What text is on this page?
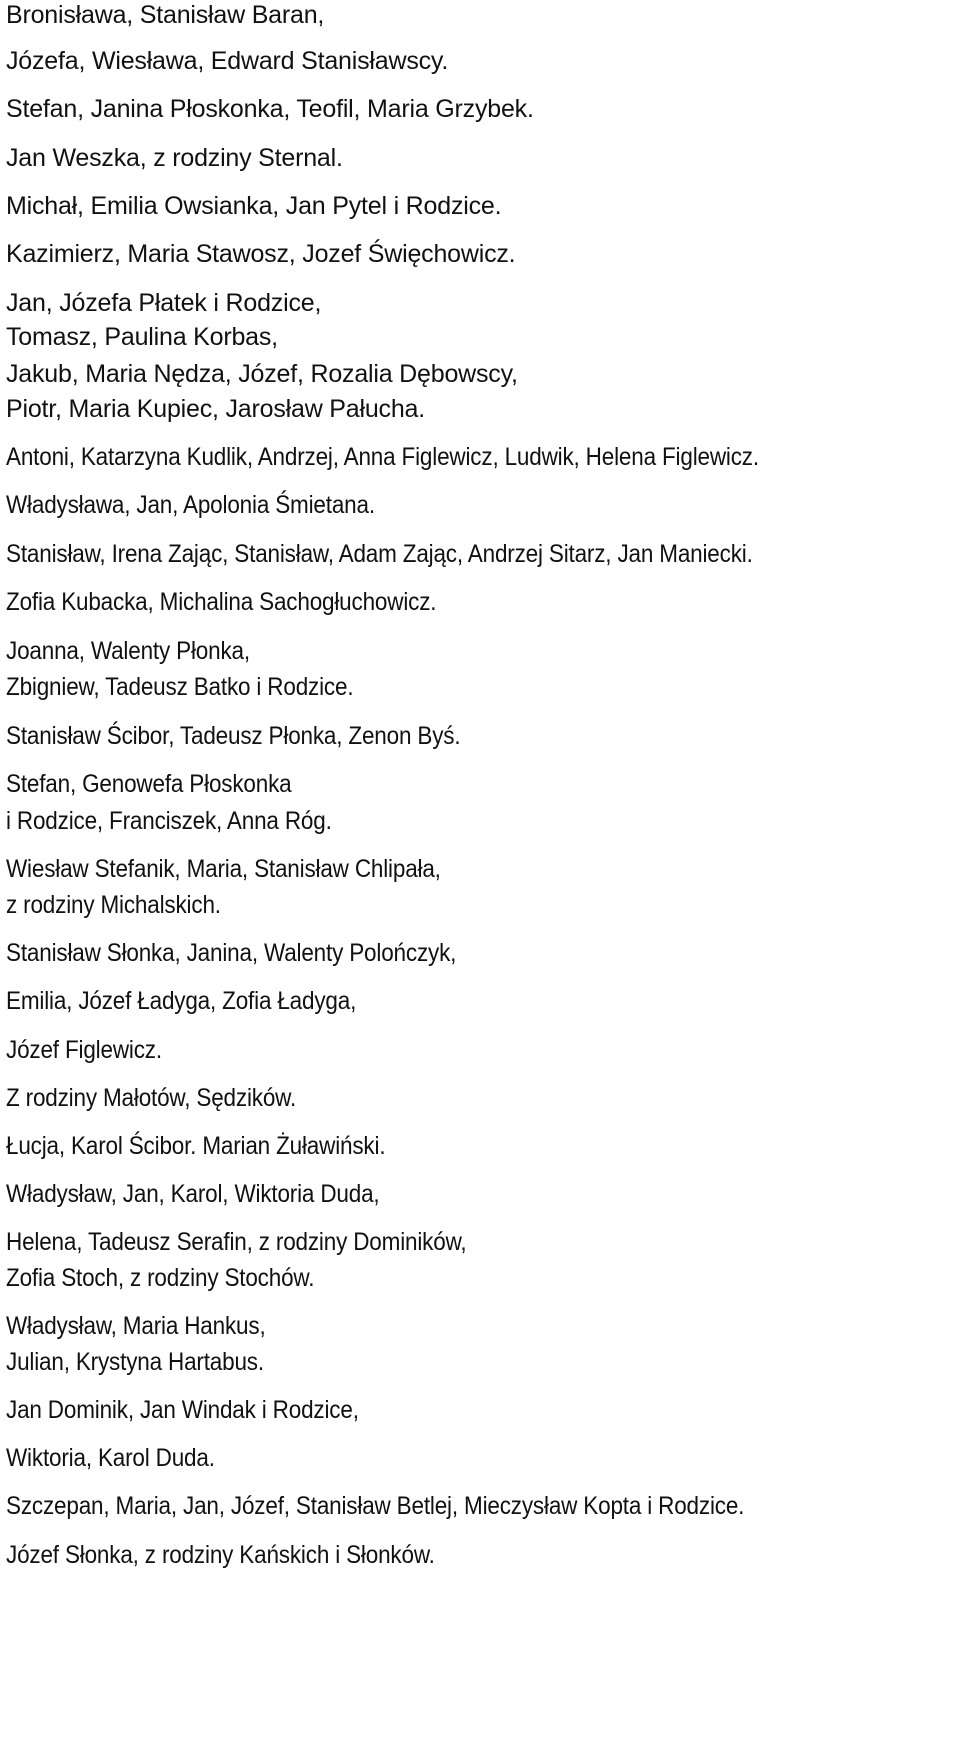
Bronisława, Stanisław Baran,
Józefa, Wiesława, Edward Stanisławscy.
Stefan, Janina Płoskonka, Teofil, Maria Grzybek.
Jan Weszka, z rodziny Sternal.
Michał, Emilia Owsianka, Jan Pytel i Rodzice.
Kazimierz, Maria Stawosz, Jozef Święchowicz.
Jan, Józefa Płatek i Rodzice,
Tomasz, Paulina Korbas,
Jakub, Maria Nędza, Józef, Rozalia Dębowscy,
Piotr, Maria Kupiec, Jarosław Pałucha.
Antoni, Katarzyna Kudlik, Andrzej, Anna Figlewicz, Ludwik, Helena Figlewicz.
Władysława, Jan, Apolonia Śmietana.
Stanisław, Irena Zając, Stanisław, Adam Zając, Andrzej Sitarz, Jan Maniecki.
Zofia Kubacka, Michalina Sachogłuchowicz.
Joanna, Walenty Płonka,
Zbigniew, Tadeusz Batko i Rodzice.
Stanisław Ścibor, Tadeusz Płonka, Zenon Byś.
Stefan, Genowefa Płoskonka
i Rodzice, Franciszek, Anna Róg.
Wiesław Stefanik, Maria, Stanisław Chlipała,
z rodziny Michalskich.
Stanisław Słonka, Janina, Walenty Polończyk,
Emilia, Józef Ładyga, Zofia Ładyga,
Józef Figlewicz.
Z rodziny Małotów, Sędzików.
Łucja, Karol Ścibor. Marian Żuławiński.
Władysław, Jan, Karol, Wiktoria Duda,
Helena, Tadeusz Serafin, z rodziny Dominików,
Zofia Stoch, z rodziny Stochów.
Władysław, Maria Hankus,
Julian, Krystyna Hartabus.
Jan Dominik, Jan Windak i Rodzice,
Wiktoria, Karol Duda.
Szczepan, Maria, Jan, Józef, Stanisław Betlej, Mieczysław Kopta i Rodzice.
Józef Słonka, z rodziny Kańskich i Słonków.
